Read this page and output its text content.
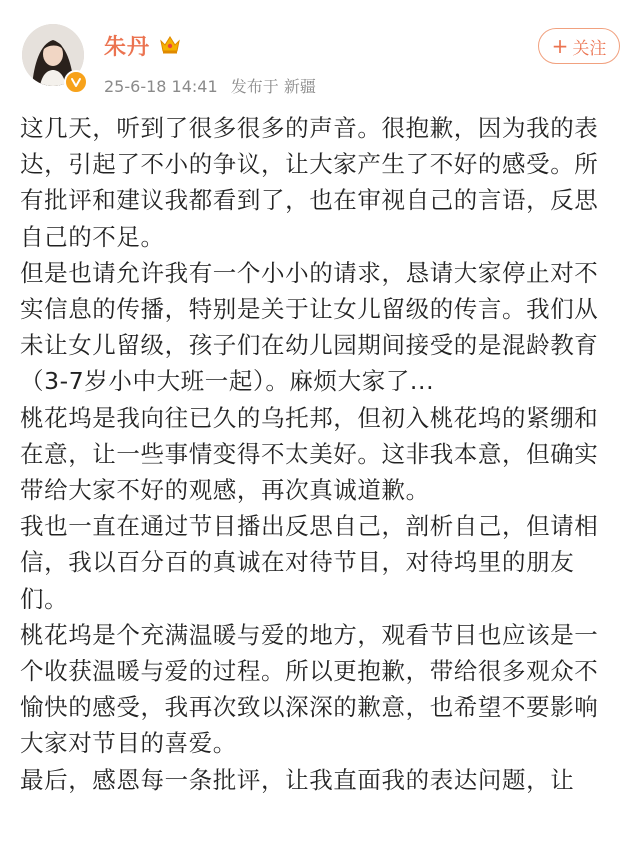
朱丹
25-6-18 14:41 发布于 新疆
+ 关注

这几天，听到了很多很多的声音。很抱歉，因为我的表达，引起了不小的争议，让大家产生了不好的感受。所有批评和建议我都看到了，也在审视自己的言语，反思自己的不足。

但是也请允许我有一个小小的请求，恳请大家停止对不实信息的传播，特别是关于让女儿留级的传言。我们从未让女儿留级，孩子们在幼儿园期间接受的是混龄教育（3-7岁小中大班一起）。麻烦大家了...

桃花坞是我向往已久的乌托邦，但初入桃花坞的紧绷和在意，让一些事情变得不太美好。这非我本意，但确实带给大家不好的观感，再次真诚道歉。

我也一直在通过节目播出反思自己，剖析自己，但请相信，我以百分百的真诚在对待节目，对待坞里的朋友们。

桃花坞是个充满温暖与爱的地方，观看节目也应该是一个收获温暖与爱的过程。所以更抱歉，带给很多观众不愉快的感受，我再次致以深深的歉意，也希望不要影响大家对节目的喜爱。

最后，感恩每一条批评，让我直面我的表达问题，让
